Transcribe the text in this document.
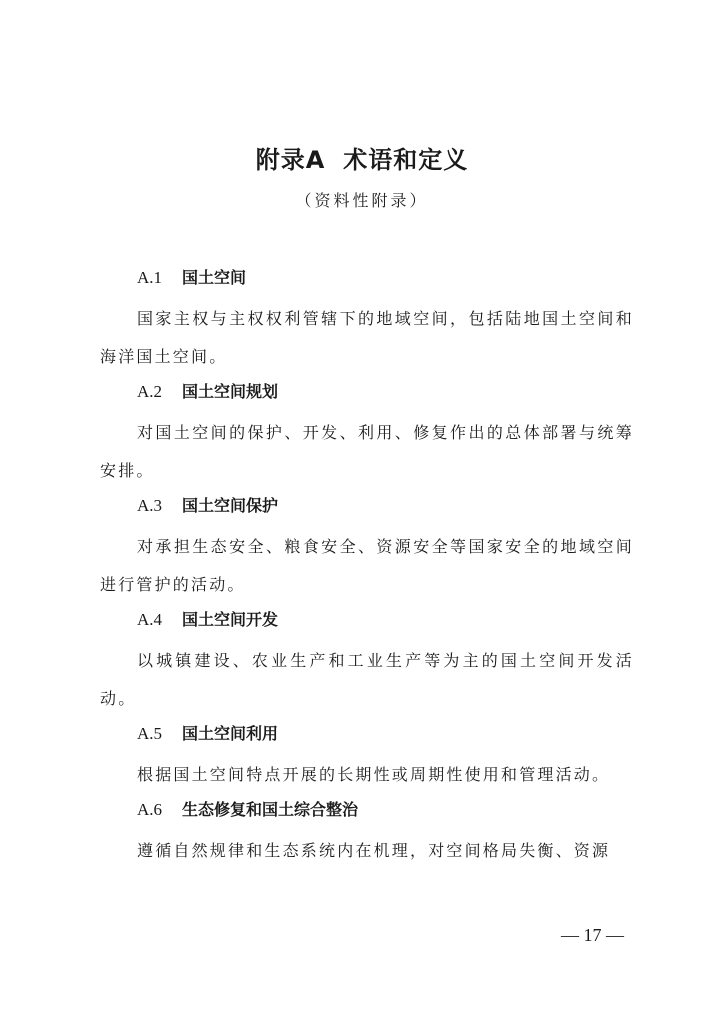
附录A 术语和定义
（资料性附录）
A.1 国土空间
国家主权与主权权利管辖下的地域空间，包括陆地国土空间和海洋国土空间。
A.2 国土空间规划
对国土空间的保护、开发、利用、修复作出的总体部署与统筹安排。
A.3 国土空间保护
对承担生态安全、粮食安全、资源安全等国家安全的地域空间进行管护的活动。
A.4 国土空间开发
以城镇建设、农业生产和工业生产等为主的国土空间开发活动。
A.5 国土空间利用
根据国土空间特点开展的长期性或周期性使用和管理活动。
A.6 生态修复和国土综合整治
遵循自然规律和生态系统内在机理，对空间格局失衡、资源
— 17 —
